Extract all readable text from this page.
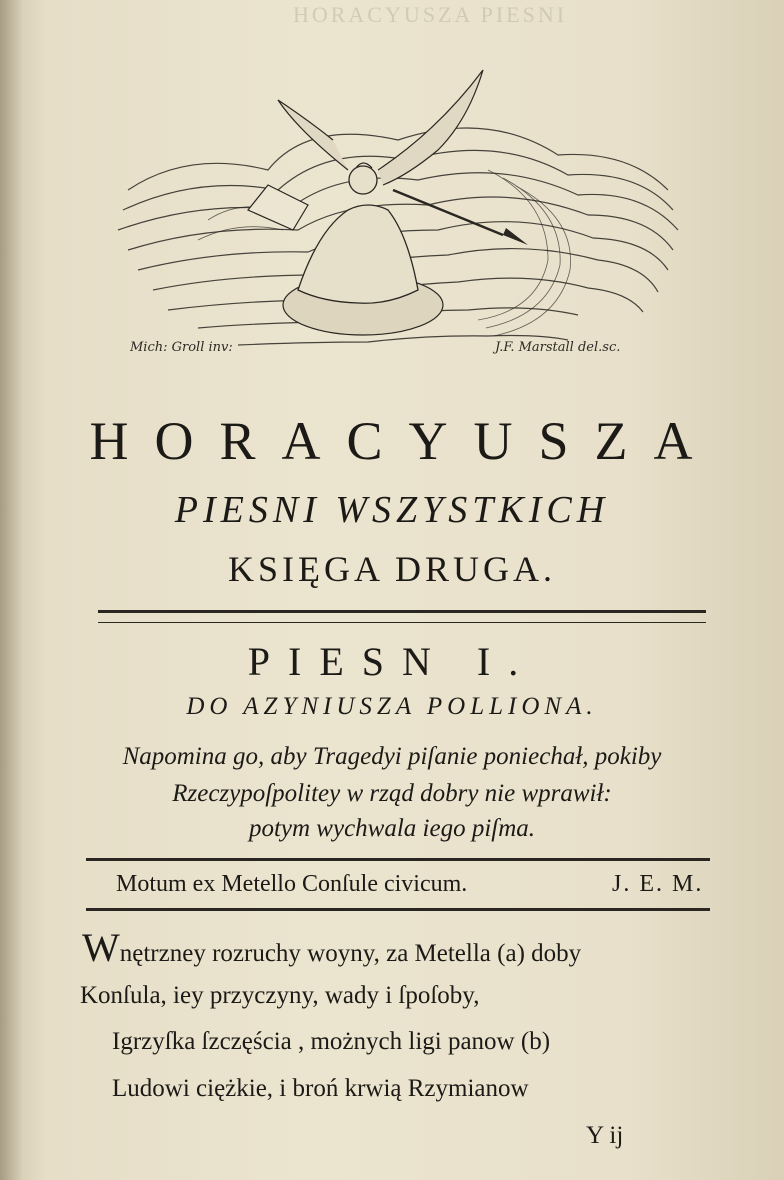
HORACYUSZA PIESNI
Mich: Groll inv:	J.F. Marstall del.sc.
HORACYUSZA
PIESNI WSZYSTKICH
KSIĘGA DRUGA.
PIESN I.
DO AZYNIUSZA POLLIONA.
Napomina go, aby Tragedyi piſanie poniechał, pokiby
Rzeczypoſpolitey w rząd dobry nie wprawił:
potym wychwala iego piſma.
Motum ex Metello Conſule civicum.	J. E. M.
Wnętrzney rozruchy woyny, za Metella (a) doby
Konſula, iey przyczyny, wady i ſpoſoby,
Igrzyſka ſzczęścia , możnych ligi panow (b)
Ludowi ciężkie, i broń krwią Rzymianow
Y ij
